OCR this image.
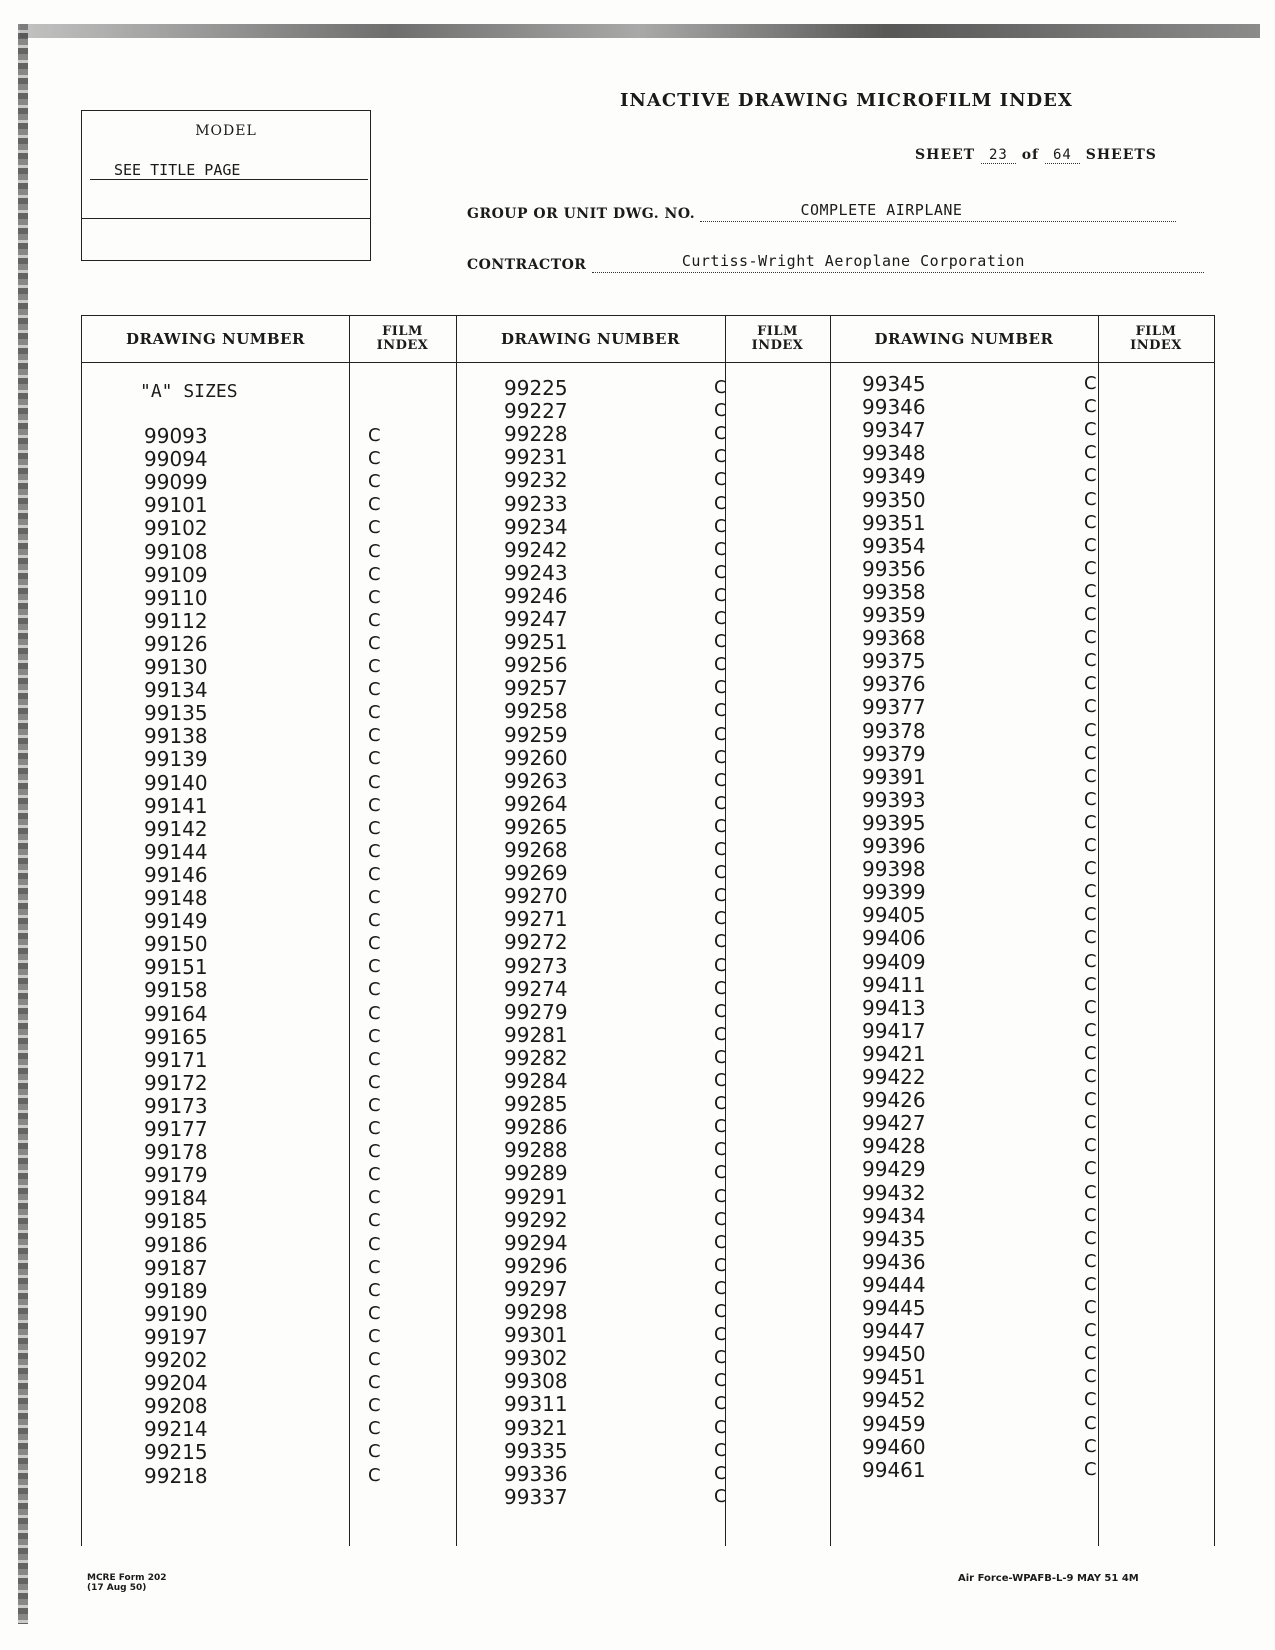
MODEL
SEE TITLE PAGE
INACTIVE DRAWING MICROFILM INDEX
SHEET 23 of 64 SHEETS
GROUP OR UNIT DWG. NO.	COMPLETE AIRPLANE
CONTRACTOR	Curtiss-Wright Aeroplane Corporation
DRAWING NUMBER	FILM
INDEX	DRAWING NUMBER	FILM
INDEX	DRAWING NUMBER	FILM
INDEX
"A" SIZES
99093	C
99094	C
99099	C
99101	C
99102	C
99108	C
99109	C
99110	C
99112	C
99126	C
99130	C
99134	C
99135	C
99138	C
99139	C
99140	C
99141	C
99142	C
99144	C
99146	C
99148	C
99149	C
99150	C
99151	C
99158	C
99164	C
99165	C
99171	C
99172	C
99173	C
99177	C
99178	C
99179	C
99184	C
99185	C
99186	C
99187	C
99189	C
99190	C
99197	C
99202	C
99204	C
99208	C
99214	C
99215	C
99218	C
99225	C
99227	C
99228	C
99231	C
99232	C
99233	C
99234	C
99242	C
99243	C
99246	C
99247	C
99251	C
99256	C
99257	C
99258	C
99259	C
99260	C
99263	C
99264	C
99265	C
99268	C
99269	C
99270	C
99271	C
99272	C
99273	C
99274	C
99279	C
99281	C
99282	C
99284	C
99285	C
99286	C
99288	C
99289	C
99291	C
99292	C
99294	C
99296	C
99297	C
99298	C
99301	C
99302	C
99308	C
99311	C
99321	C
99335	C
99336	C
99337	C
99345	C
99346	C
99347	C
99348	C
99349	C
99350	C
99351	C
99354	C
99356	C
99358	C
99359	C
99368	C
99375	C
99376	C
99377	C
99378	C
99379	C
99391	C
99393	C
99395	C
99396	C
99398	C
99399	C
99405	C
99406	C
99409	C
99411	C
99413	C
99417	C
99421	C
99422	C
99426	C
99427	C
99428	C
99429	C
99432	C
99434	C
99435	C
99436	C
99444	C
99445	C
99447	C
99450	C
99451	C
99452	C
99459	C
99460	C
99461	C
MCRE Form 202
(17 Aug 50)
Air Force-WPAFB-L-9 MAY 51 4M
